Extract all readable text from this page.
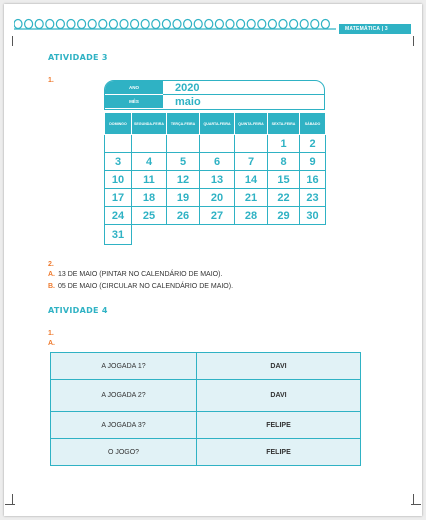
MATEMÁTICA | 3
ATIVIDADE 3
1.
ANO	2020
MÊS	maio
DOMINGO	SEGUNDA-FEIRA	TERÇA-FEIRA	QUARTA-FEIRA	QUINTA-FEIRA	SEXTA-FEIRA	SÁBADO
					1	2
3	4	5	6	7	8	9
10	11	12	13	14	15	16
17	18	19	20	21	22	23
24	25	26	27	28	29	30
31						
2.
A. 13 DE MAIO (PINTAR NO CALENDÁRIO DE MAIO).
B. 05 DE MAIO (CIRCULAR NO CALENDÁRIO DE MAIO).
ATIVIDADE 4
1.
A.
A JOGADA 1?	DAVI
A JOGADA 2?	DAVI
A JOGADA 3?	FELIPE
O JOGO?	FELIPE
